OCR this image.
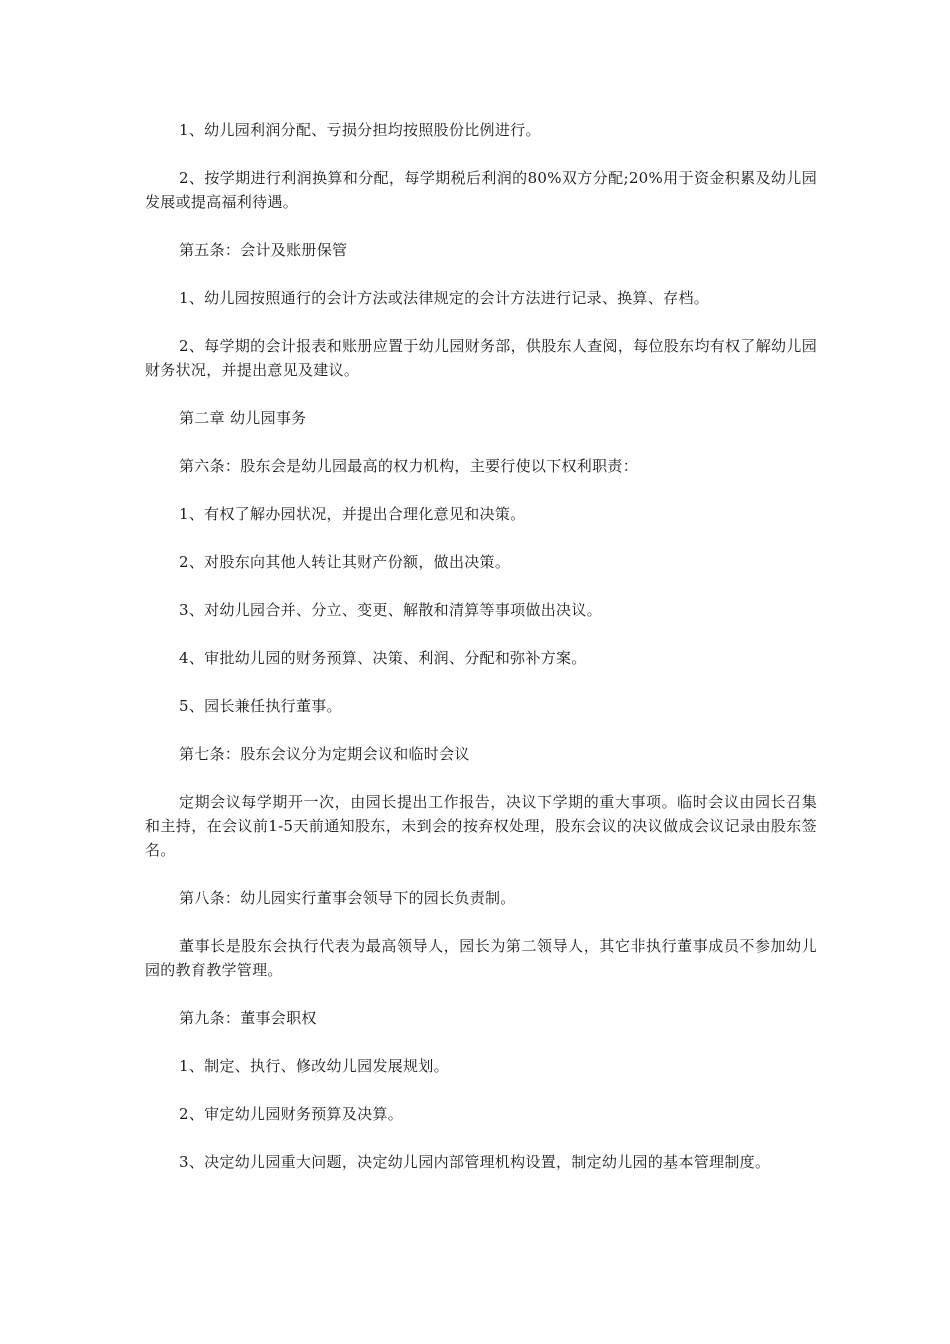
1、幼儿园利润分配、亏损分担均按照股份比例进行。

2、按学期进行利润换算和分配，每学期税后利润的80%双方分配;20%用于资金积累及幼儿园发展或提高福利待遇。

第五条：会计及账册保管

1、幼儿园按照通行的会计方法或法律规定的会计方法进行记录、换算、存档。

2、每学期的会计报表和账册应置于幼儿园财务部，供股东人查阅，每位股东均有权了解幼儿园财务状况，并提出意见及建议。

第二章 幼儿园事务

第六条：股东会是幼儿园最高的权力机构，主要行使以下权利职责：

1、有权了解办园状况，并提出合理化意见和决策。

2、对股东向其他人转让其财产份额，做出决策。

3、对幼儿园合并、分立、变更、解散和清算等事项做出决议。

4、审批幼儿园的财务预算、决策、利润、分配和弥补方案。

5、园长兼任执行董事。

第七条：股东会议分为定期会议和临时会议

定期会议每学期开一次，由园长提出工作报告，决议下学期的重大事项。临时会议由园长召集和主持，在会议前1-5天前通知股东，未到会的按弃权处理，股东会议的决议做成会议记录由股东签名。

第八条：幼儿园实行董事会领导下的园长负责制。

董事长是股东会执行代表为最高领导人，园长为第二领导人，其它非执行董事成员不参加幼儿园的教育教学管理。

第九条：董事会职权

1、制定、执行、修改幼儿园发展规划。

2、审定幼儿园财务预算及决算。

3、决定幼儿园重大问题，决定幼儿园内部管理机构设置，制定幼儿园的基本管理制度。
